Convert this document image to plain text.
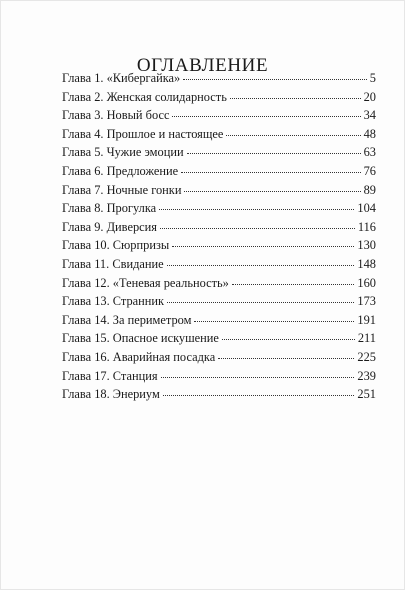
ОГЛАВЛЕНИЕ
Глава 1. «Кибергайка»	5
Глава 2. Женская солидарность	20
Глава 3. Новый босс	34
Глава 4. Прошлое и настоящее	48
Глава 5. Чужие эмоции	63
Глава 6. Предложение	76
Глава 7. Ночные гонки	89
Глава 8. Прогулка	104
Глава 9. Диверсия	116
Глава 10. Сюрпризы	130
Глава 11. Свидание	148
Глава 12. «Теневая реальность»	160
Глава 13. Странник	173
Глава 14. За периметром	191
Глава 15. Опасное искушение	211
Глава 16. Аварийная посадка	225
Глава 17. Станция	239
Глава 18. Энериум	251
